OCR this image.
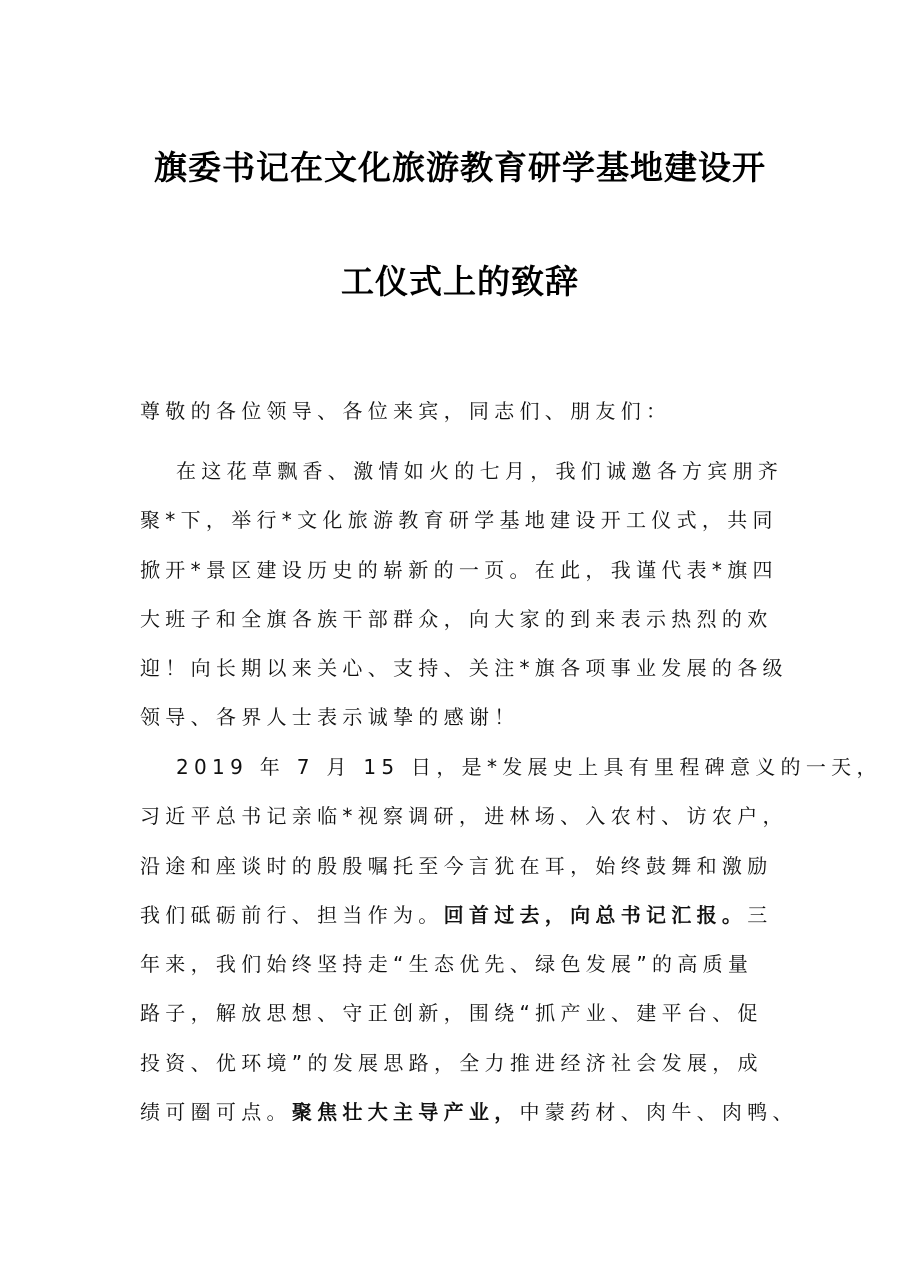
旗委书记在文化旅游教育研学基地建设开
工仪式上的致辞
尊敬的各位领导、各位来宾，同志们、朋友们：
在这花草飘香、激情如火的七月，我们诚邀各方宾朋齐
聚*下，举行*文化旅游教育研学基地建设开工仪式，共同
掀开*景区建设历史的崭新的一页。在此，我谨代表*旗四
大班子和全旗各族干部群众，向大家的到来表示热烈的欢
迎！向长期以来关心、支持、关注*旗各项事业发展的各级
领导、各界人士表示诚挚的感谢！
2019 年 7 月 15 日，是*发展史上具有里程碑意义的一天，
习近平总书记亲临*视察调研，进林场、入农村、访农户，
沿途和座谈时的殷殷嘱托至今言犹在耳，始终鼓舞和激励
我们砥砺前行、担当作为。回首过去，向总书记汇报。三
年来，我们始终坚持走“生态优先、绿色发展”的高质量
路子，解放思想、守正创新，围绕“抓产业、建平台、促
投资、优环境”的发展思路，全力推进经济社会发展，成
绩可圈可点。聚焦壮大主导产业，中蒙药材、肉牛、肉鸭、
